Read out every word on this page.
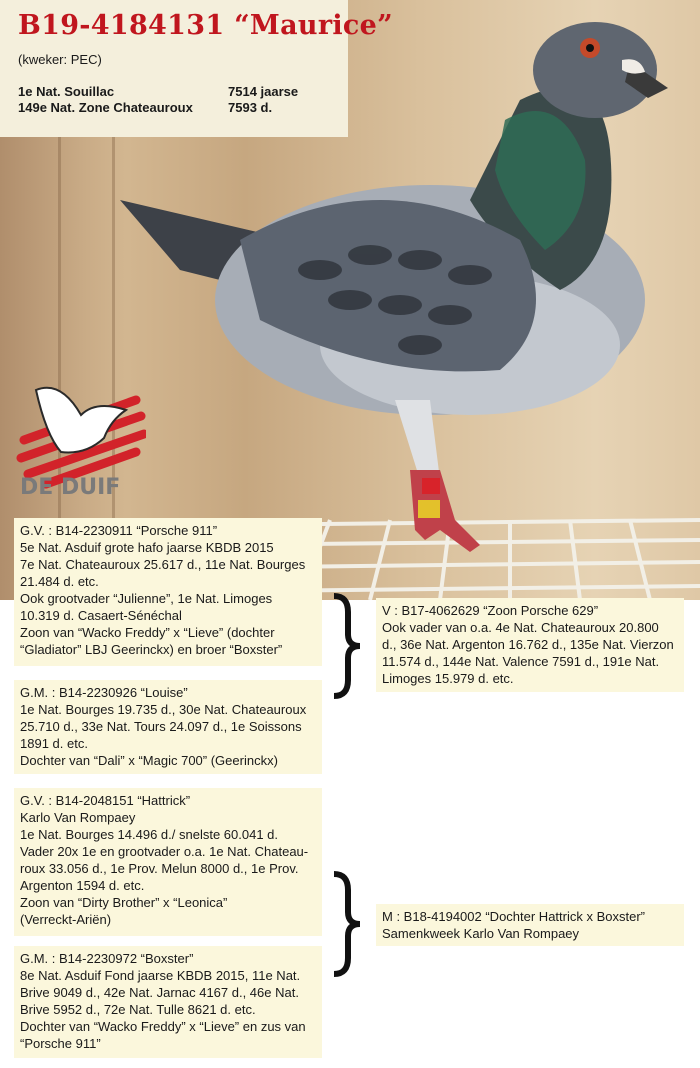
B19-4184131 “Maurice”
(kweker: PEC)
1e Nat. Souillac	7514 jaarse
149e Nat. Zone Chateauroux	7593 d.
DE DUIF
G.V. : B14-2230911 “Porsche 911”
5e Nat. Asduif grote hafo jaarse KBDB 2015
7e Nat. Chateauroux 25.617 d., 11e Nat. Bourges
21.484 d. etc.
Ook grootvader “Julienne”, 1e Nat. Limoges
10.319 d. Casaert-Sénéchal
Zoon van “Wacko Freddy” x “Lieve” (dochter
“Gladiator” LBJ Geerinckx) en broer “Boxster”
G.M. : B14-2230926 “Louise”
1e Nat. Bourges 19.735 d., 30e Nat. Chateauroux
25.710 d., 33e Nat. Tours 24.097 d., 1e Soissons
1891 d. etc.
Dochter van “Dali” x “Magic 700” (Geerinckx)
V : B17-4062629 “Zoon Porsche 629”
Ook vader van o.a. 4e Nat. Chateauroux 20.800
d., 36e Nat. Argenton 16.762 d., 135e Nat. Vierzon
11.574 d., 144e Nat. Valence 7591 d., 191e Nat.
Limoges 15.979 d. etc.
G.V. : B14-2048151 “Hattrick”
Karlo Van Rompaey
1e Nat. Bourges 14.496 d./ snelste 60.041 d.
Vader 20x 1e en grootvader o.a. 1e Nat. Chateau-
roux 33.056 d., 1e Prov. Melun 8000 d., 1e Prov.
Argenton 1594 d. etc.
Zoon van “Dirty Brother” x “Leonica”
(Verreckt-Ariën)
G.M. : B14-2230972 “Boxster”
8e Nat. Asduif Fond jaarse KBDB 2015, 11e Nat.
Brive 9049 d., 42e Nat. Jarnac 4167 d., 46e Nat.
Brive 5952 d., 72e Nat. Tulle 8621 d. etc.
Dochter van “Wacko Freddy” x “Lieve” en zus van
“Porsche 911”
M : B18-4194002 “Dochter Hattrick x Boxster”
Samenkweek Karlo Van Rompaey
